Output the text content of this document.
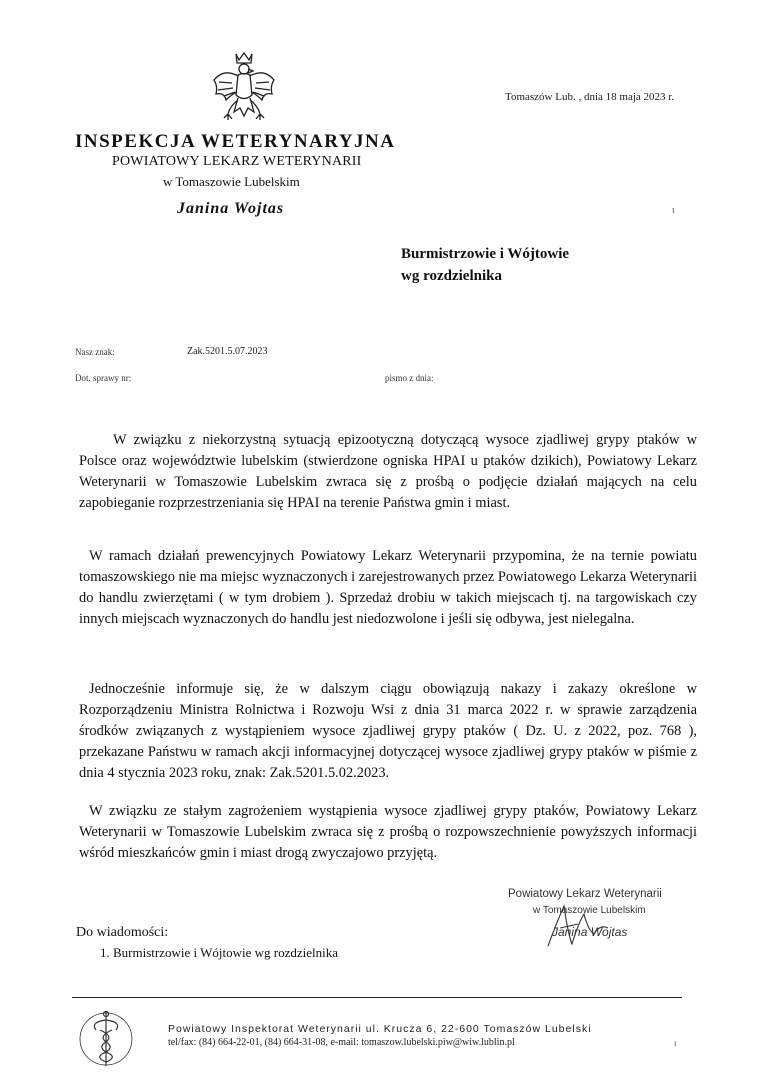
Tomaszów Lub. , dnia 18 maja 2023 r.
INSPEKCJA WETERYNARYJNA
POWIATOWY LEKARZ WETERYNARII
w Tomaszowie Lubelskim
Janina Wojtas	ι
Burmistrzowie i Wójtowie
wg rozdzielnika
Nasz znak:	Zak.5201.5.07.2023
Dot. sprawy nr:	pismo z dnia:

W związku z niekorzystną sytuacją epizootyczną dotyczącą wysoce zjadliwej grypy ptaków w Polsce oraz województwie lubelskim (stwierdzone ogniska HPAI u ptaków dzikich), Powiatowy Lekarz Weterynarii w Tomaszowie Lubelskim zwraca się z prośbą o podjęcie działań mających na celu zapobieganie rozprzestrzeniania się HPAI na terenie Państwa gmin i miast.

W ramach działań prewencyjnych Powiatowy Lekarz Weterynarii przypomina, że na ternie powiatu tomaszowskiego nie ma miejsc wyznaczonych i zarejestrowanych przez Powiatowego Lekarza Weterynarii do handlu zwierzętami ( w tym drobiem ). Sprzedaż drobiu w takich miejscach tj. na targowiskach czy innych miejscach wyznaczonych do handlu jest niedozwolone i jeśli się odbywa, jest nielegalna.

Jednocześnie informuje się, że w dalszym ciągu obowiązują nakazy i zakazy określone w Rozporządzeniu Ministra Rolnictwa i Rozwoju Wsi z dnia 31 marca 2022 r. w sprawie zarządzenia środków związanych z wystąpieniem wysoce zjadliwej grypy ptaków ( Dz. U. z 2022, poz. 768 ), przekazane Państwu w ramach akcji informacyjnej dotyczącej wysoce zjadliwej grypy ptaków w piśmie z dnia 4 stycznia 2023 roku, znak: Zak.5201.5.02.2023.

W związku ze stałym zagrożeniem wystąpienia wysoce zjadliwej grypy ptaków, Powiatowy Lekarz Weterynarii w Tomaszowie Lubelskim zwraca się z prośbą o rozpowszechnienie powyższych informacji wśród mieszkańców gmin i miast drogą zwyczajowo przyjętą.

Powiatowy Lekarz Weterynarii
w Tomaszowie Lubelskim
Janina Wojtas
Do wiadomości:
1. Burmistrzowie i Wójtowie wg rozdzielnika
Powiatowy Inspektorat Weterynarii ul. Krucza 6, 22-600 Tomaszów Lubelski
tel/fax: (84) 664-22-01, (84) 664-31-08, e-mail: tomaszow.lubelski.piw@wiw.lublin.pl	ι
